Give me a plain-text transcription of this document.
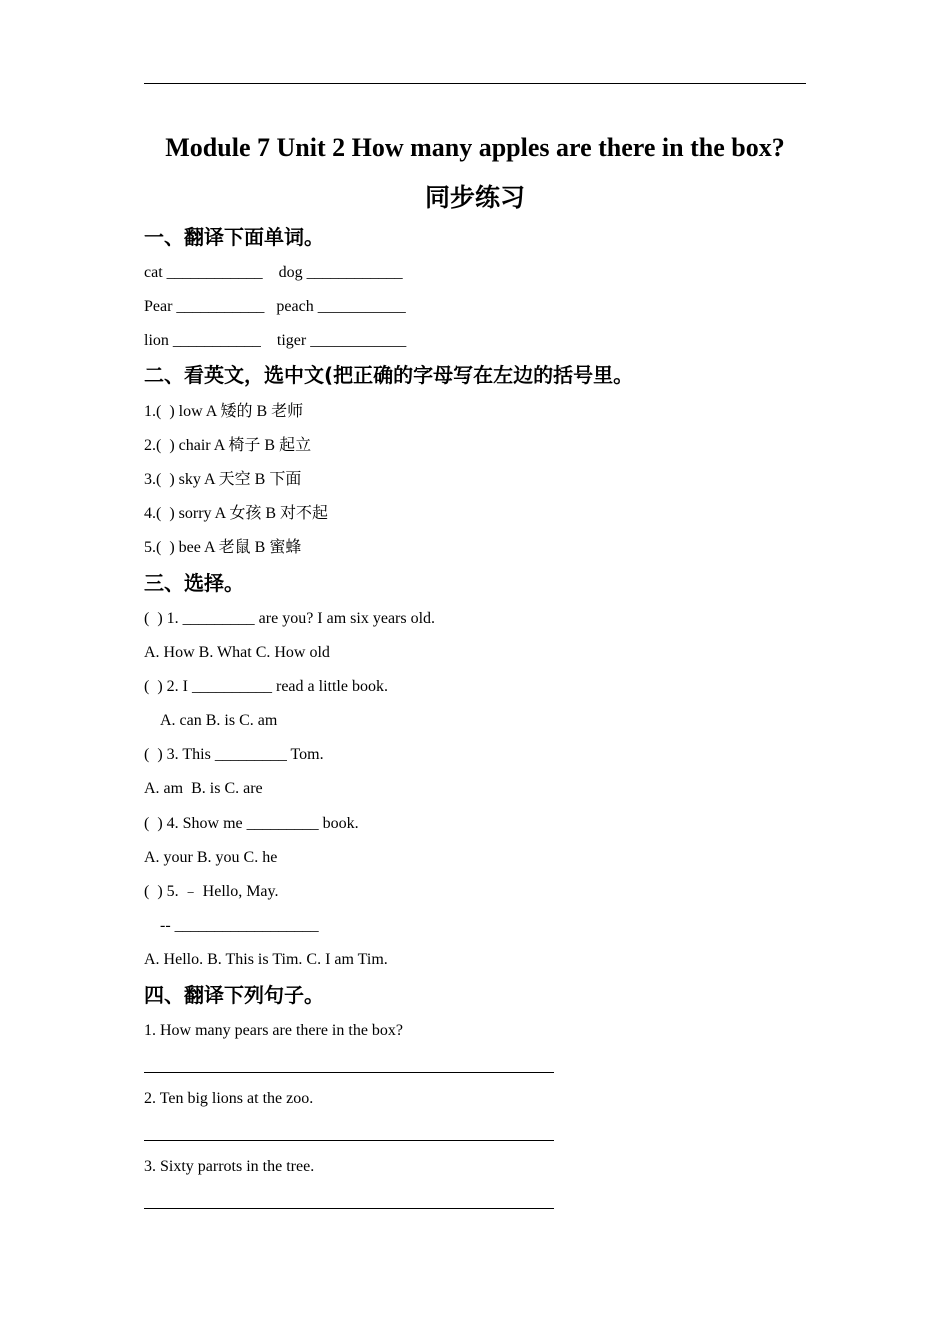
Module 7 Unit 2 How many apples are there in the box?
同步练习
一、翻译下面单词。
cat ____________    dog ____________
Pear ___________   peach ___________
lion ___________    tiger ____________
二、看英文，选中文(把正确的字母写在左边的括号里。
1.(  ) low A 矮的 B 老师
2.(  ) chair A 椅子 B 起立
3.(  ) sky A 天空 B 下面
4.(  ) sorry A 女孩 B 对不起
5.(  ) bee A 老鼠 B 蜜蜂
三、选择。
(  ) 1. _________ are you? I am six years old.
A. How B. What C. How old
(  ) 2. I __________ read a little book.
A. can B. is C. am
(  ) 3. This _________ Tom.
A. am  B. is C. are
(  ) 4. Show me _________ book.
A. your B. you C. he
(  ) 5. ﹣ Hello, May.
-- __________________
A. Hello. B. This is Tim. C. I am Tim.
四、翻译下列句子。
1. How many pears are there in the box?
2. Ten big lions at the zoo.
3. Sixty parrots in the tree.
